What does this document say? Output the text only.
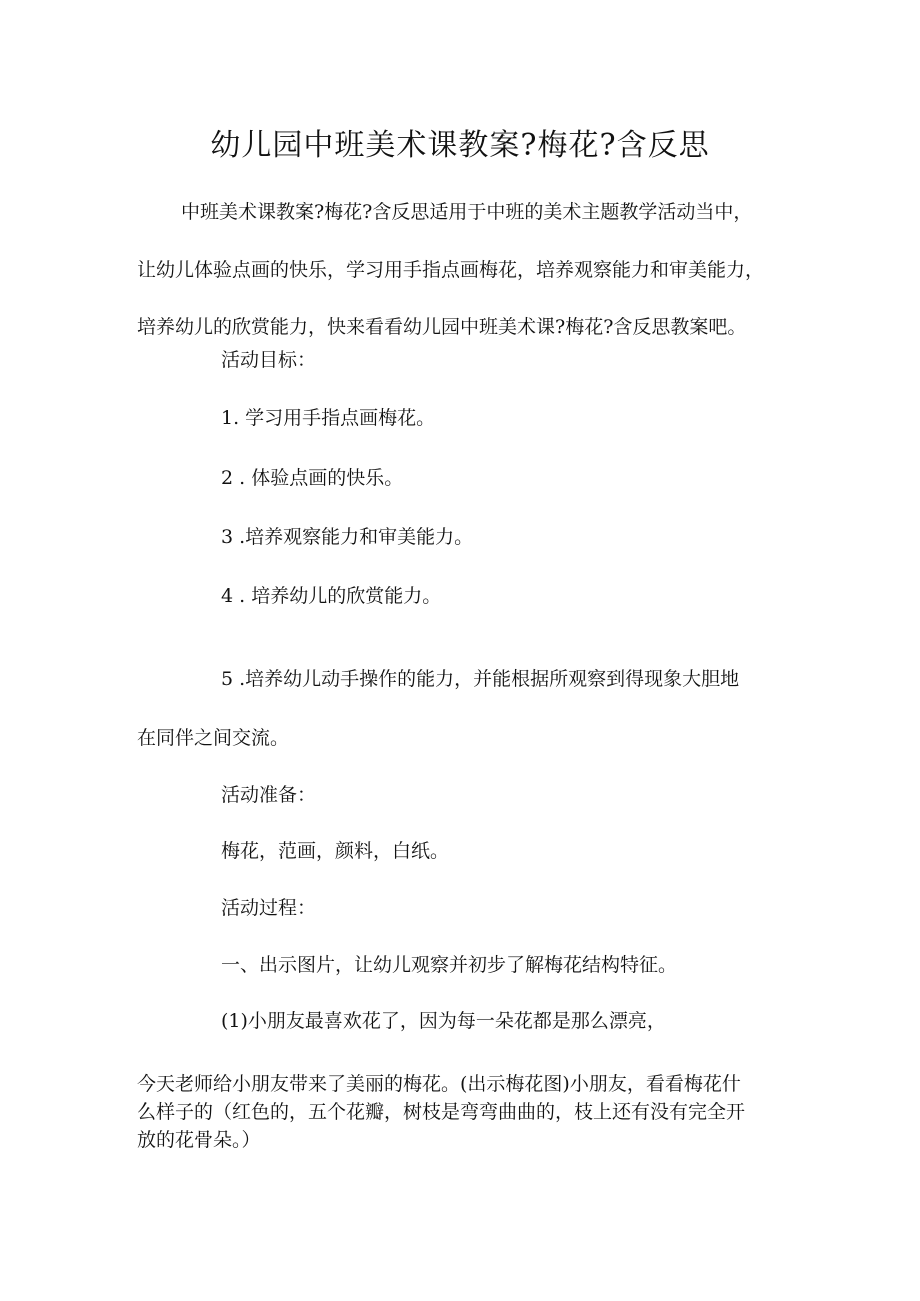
幼儿园中班美术课教案?梅花?含反思
中班美术课教案?梅花?含反思适用于中班的美术主题教学活动当中，
让幼儿体验点画的快乐，学习用手指点画梅花，培养观察能力和审美能力，
培养幼儿的欣赏能力，快来看看幼儿园中班美术课?梅花?含反思教案吧。
活动目标：
1. 学习用手指点画梅花。
2 . 体验点画的快乐。
3 .培养观察能力和审美能力。
4 . 培养幼儿的欣赏能力。
5 .培养幼儿动手操作的能力，并能根据所观察到得现象大胆地
在同伴之间交流。
活动准备：
梅花，范画，颜料，白纸。
活动过程：
一、出示图片，让幼儿观察并初步了解梅花结构特征。
(1)小朋友最喜欢花了，因为每一朵花都是那么漂亮，
今天老师给小朋友带来了美丽的梅花。(出示梅花图)小朋友，看看梅花什
么样子的（红色的，五个花瓣，树枝是弯弯曲曲的，枝上还有没有完全开
放的花骨朵。）
